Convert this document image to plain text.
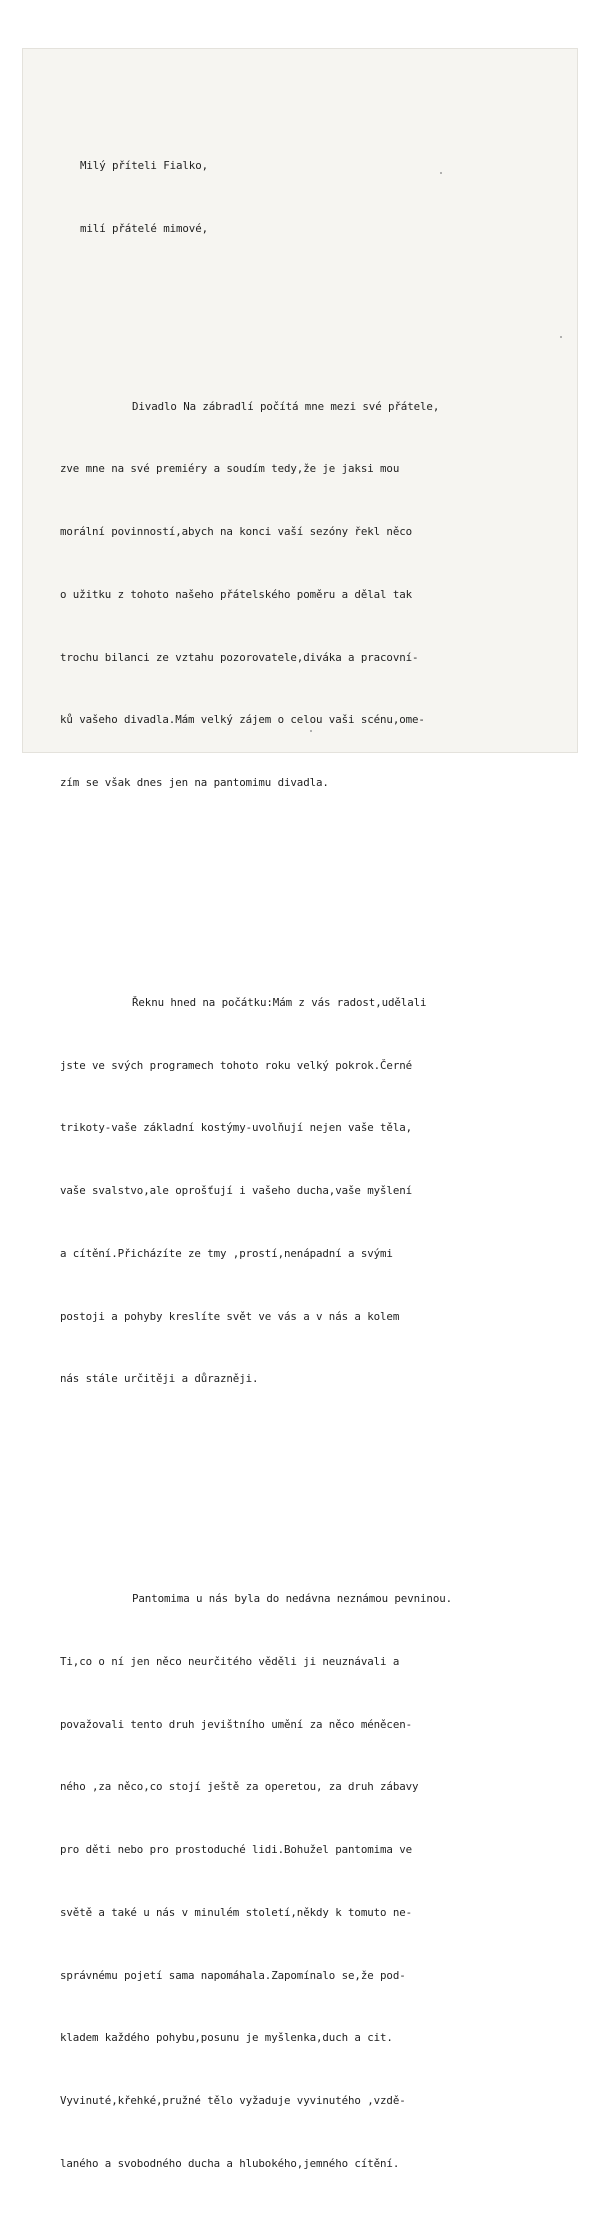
Milý příteli Fialko,

milí přátelé mimové,

Divadlo Na zábradlí počítá mne mezi své přátele,

zve mne na své premiéry a soudím tedy,že je jaksi mou

morální povinností,abych na konci vaší sezóny řekl něco

o užitku z tohoto našeho přátelského poměru a dělal tak

trochu bilanci ze vztahu pozorovatele,diváka a pracovní-

ků vašeho divadla.Mám velký zájem o celou vaši scénu,ome-

zím se však dnes jen na pantomimu divadla.

Řeknu hned na počátku:Mám z vás radost,udělali

jste ve svých programech tohoto roku velký pokrok.Černé

trikoty-vaše základní kostýmy-uvolňují nejen vaše těla,

vaše svalstvo,ale oprošťují i vašeho ducha,vaše myšlení

a cítění.Přicházíte ze tmy ,prostí,nenápadní a svými

postoji a pohyby kreslíte svět ve vás a v nás a kolem

nás stále určitěji a důrazněji.

Pantomima u nás byla do nedávna neznámou pevninou.

Ti,co o ní jen něco neurčitého věděli ji neuznávali a

považovali tento druh jevištního umění za něco méněcen-

ného ,za něco,co stojí ještě za operetou, za druh zábavy

pro děti nebo pro prostoduché lidi.Bohužel pantomima ve

světě a také u nás v minulém století,někdy k tomuto ne-

správnému pojetí sama napomáhala.Zapomínalo se,že pod-

kladem každého pohybu,posunu je myšlenka,duch a cit.

Vyvinuté,křehké,pružné tělo vyžaduje vyvinutého ,vzdě-

laného a svobodného ducha a hlubokého,jemného cítění.
